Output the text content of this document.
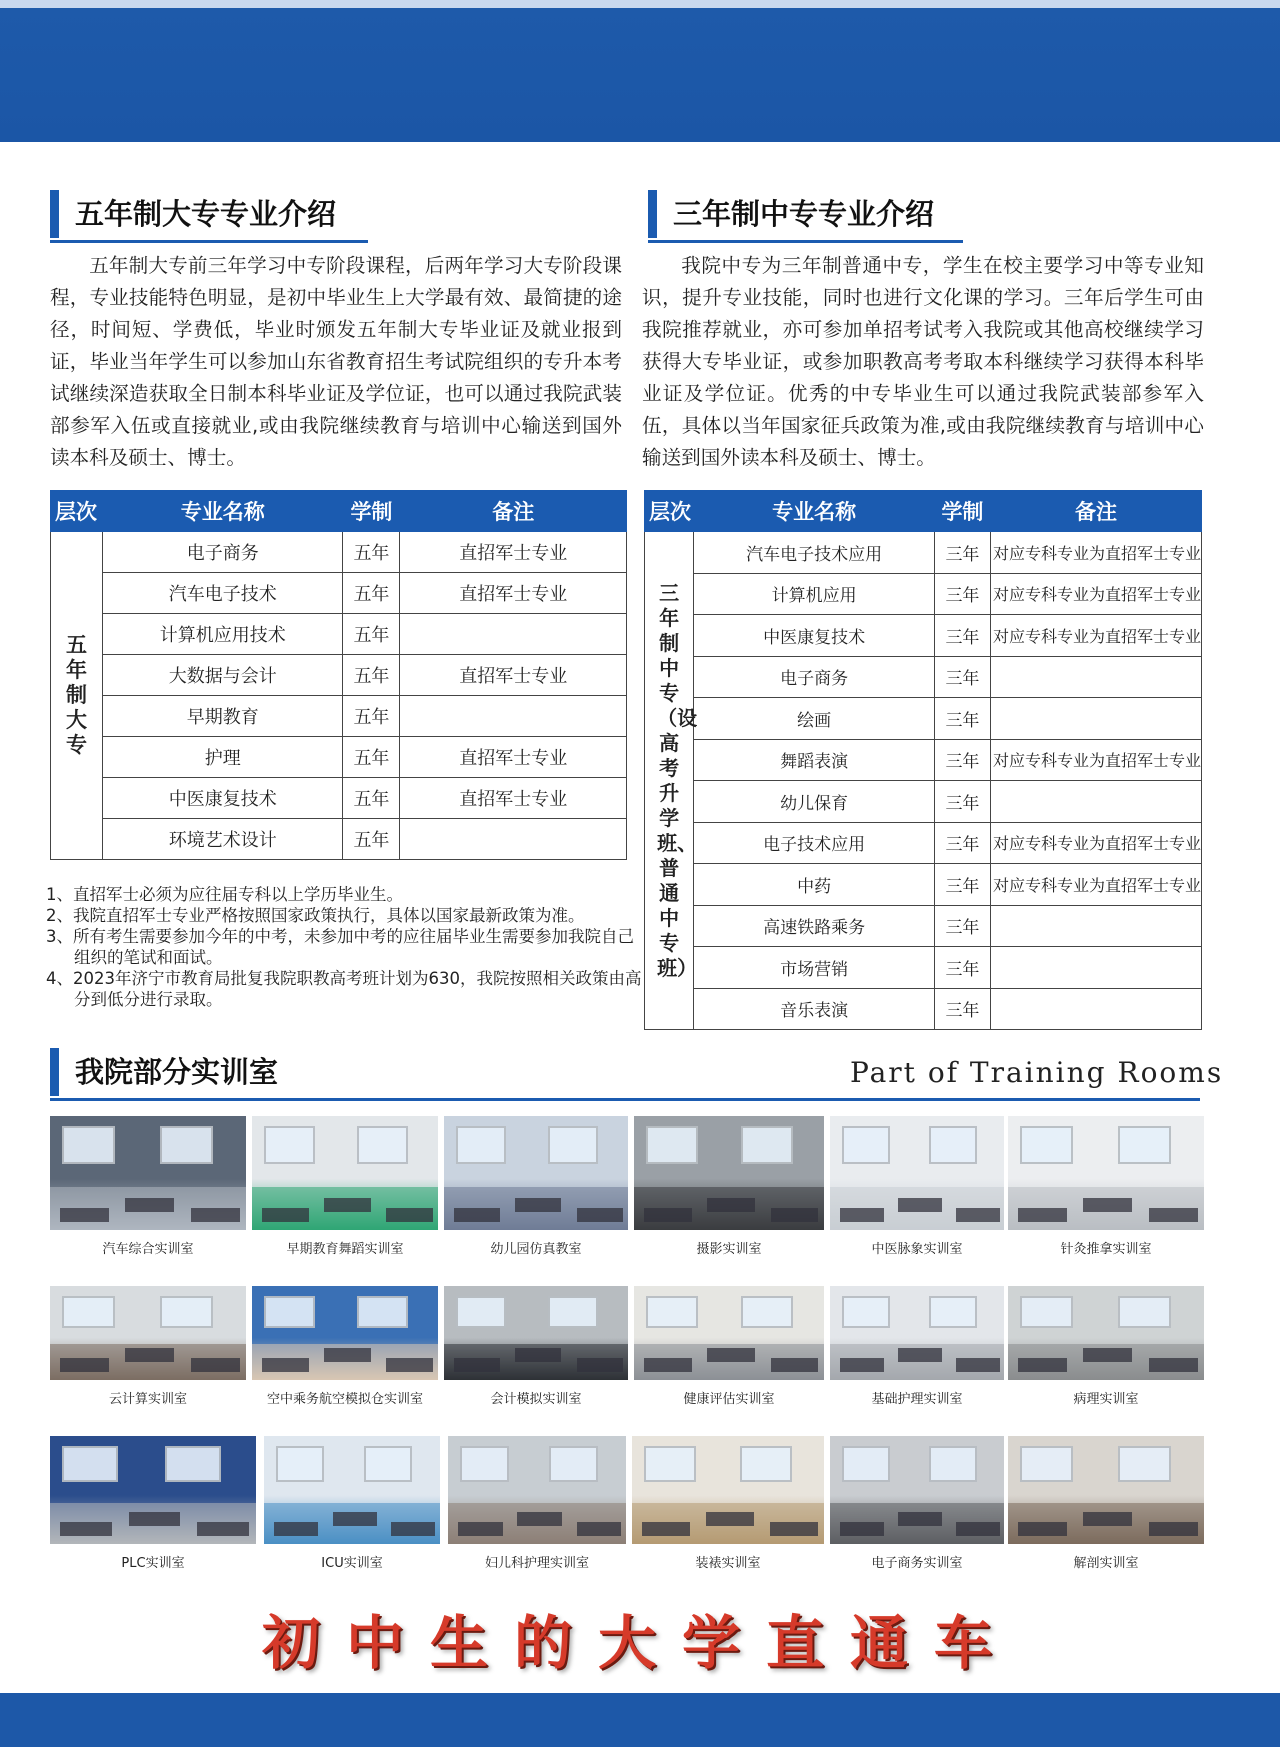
五年制大专专业介绍
五年制大专前三年学习中专阶段课程，后两年学习大专阶段课程，专业技能特色明显，是初中毕业生上大学最有效、最简捷的途径，时间短、学费低，毕业时颁发五年制大专毕业证及就业报到证，毕业当年学生可以参加山东省教育招生考试院组织的专升本考试继续深造获取全日制本科毕业证及学位证，也可以通过我院武装部参军入伍或直接就业,或由我院继续教育与培训中心输送到国外读本科及硕士、博士。
层次	专业名称	学制	备注

五年制大专	电子商务	五年	直招军士专业
	汽车电子技术	五年	直招军士专业
	计算机应用技术	五年	
	大数据与会计	五年	直招军士专业
	早期教育	五年	
	护理	五年	直招军士专业
	中医康复技术	五年	直招军士专业
	环境艺术设计	五年	
1、直招军士必须为应往届专科以上学历毕业生。
2、我院直招军士专业严格按照国家政策执行，具体以国家最新政策为准。
3、所有考生需要参加今年的中考，未参加中考的应往届毕业生需要参加我院自己组织的笔试和面试。
4、2023年济宁市教育局批复我院职教高考班计划为630，我院按照相关政策由高分到低分进行录取。
三年制中专专业介绍
我院中专为三年制普通中专，学生在校主要学习中等专业知识，提升专业技能，同时也进行文化课的学习。三年后学生可由我院推荐就业，亦可参加单招考试考入我院或其他高校继续学习获得大专毕业证，或参加职教高考考取本科继续学习获得本科毕业证及学位证。优秀的中专毕业生可以通过我院武装部参军入伍，具体以当年国家征兵政策为准,或由我院继续教育与培训中心输送到国外读本科及硕士、博士。
层次	专业名称	学制	备注

三年制中专（设高考升学班、普通中专班）	汽车电子技术应用	三年	对应专科专业为直招军士专业
	计算机应用	三年	对应专科专业为直招军士专业
	中医康复技术	三年	对应专科专业为直招军士专业
	电子商务	三年	
	绘画	三年	
	舞蹈表演	三年	对应专科专业为直招军士专业
	幼儿保育	三年	
	电子技术应用	三年	对应专科专业为直招军士专业
	中药	三年	对应专科专业为直招军士专业
	高速铁路乘务	三年	
	市场营销	三年	
	音乐表演	三年	
我院部分实训室	Part of Training Rooms
汽车综合实训室	早期教育舞蹈实训室	幼儿园仿真教室	摄影实训室	中医脉象实训室	针灸推拿实训室
云计算实训室	空中乘务航空模拟仓实训室	会计模拟实训室	健康评估实训室	基础护理实训室	病理实训室
PLC实训室	ICU实训室	妇儿科护理实训室	装裱实训室	电子商务实训室	解剖实训室
初中生的大学直通车
